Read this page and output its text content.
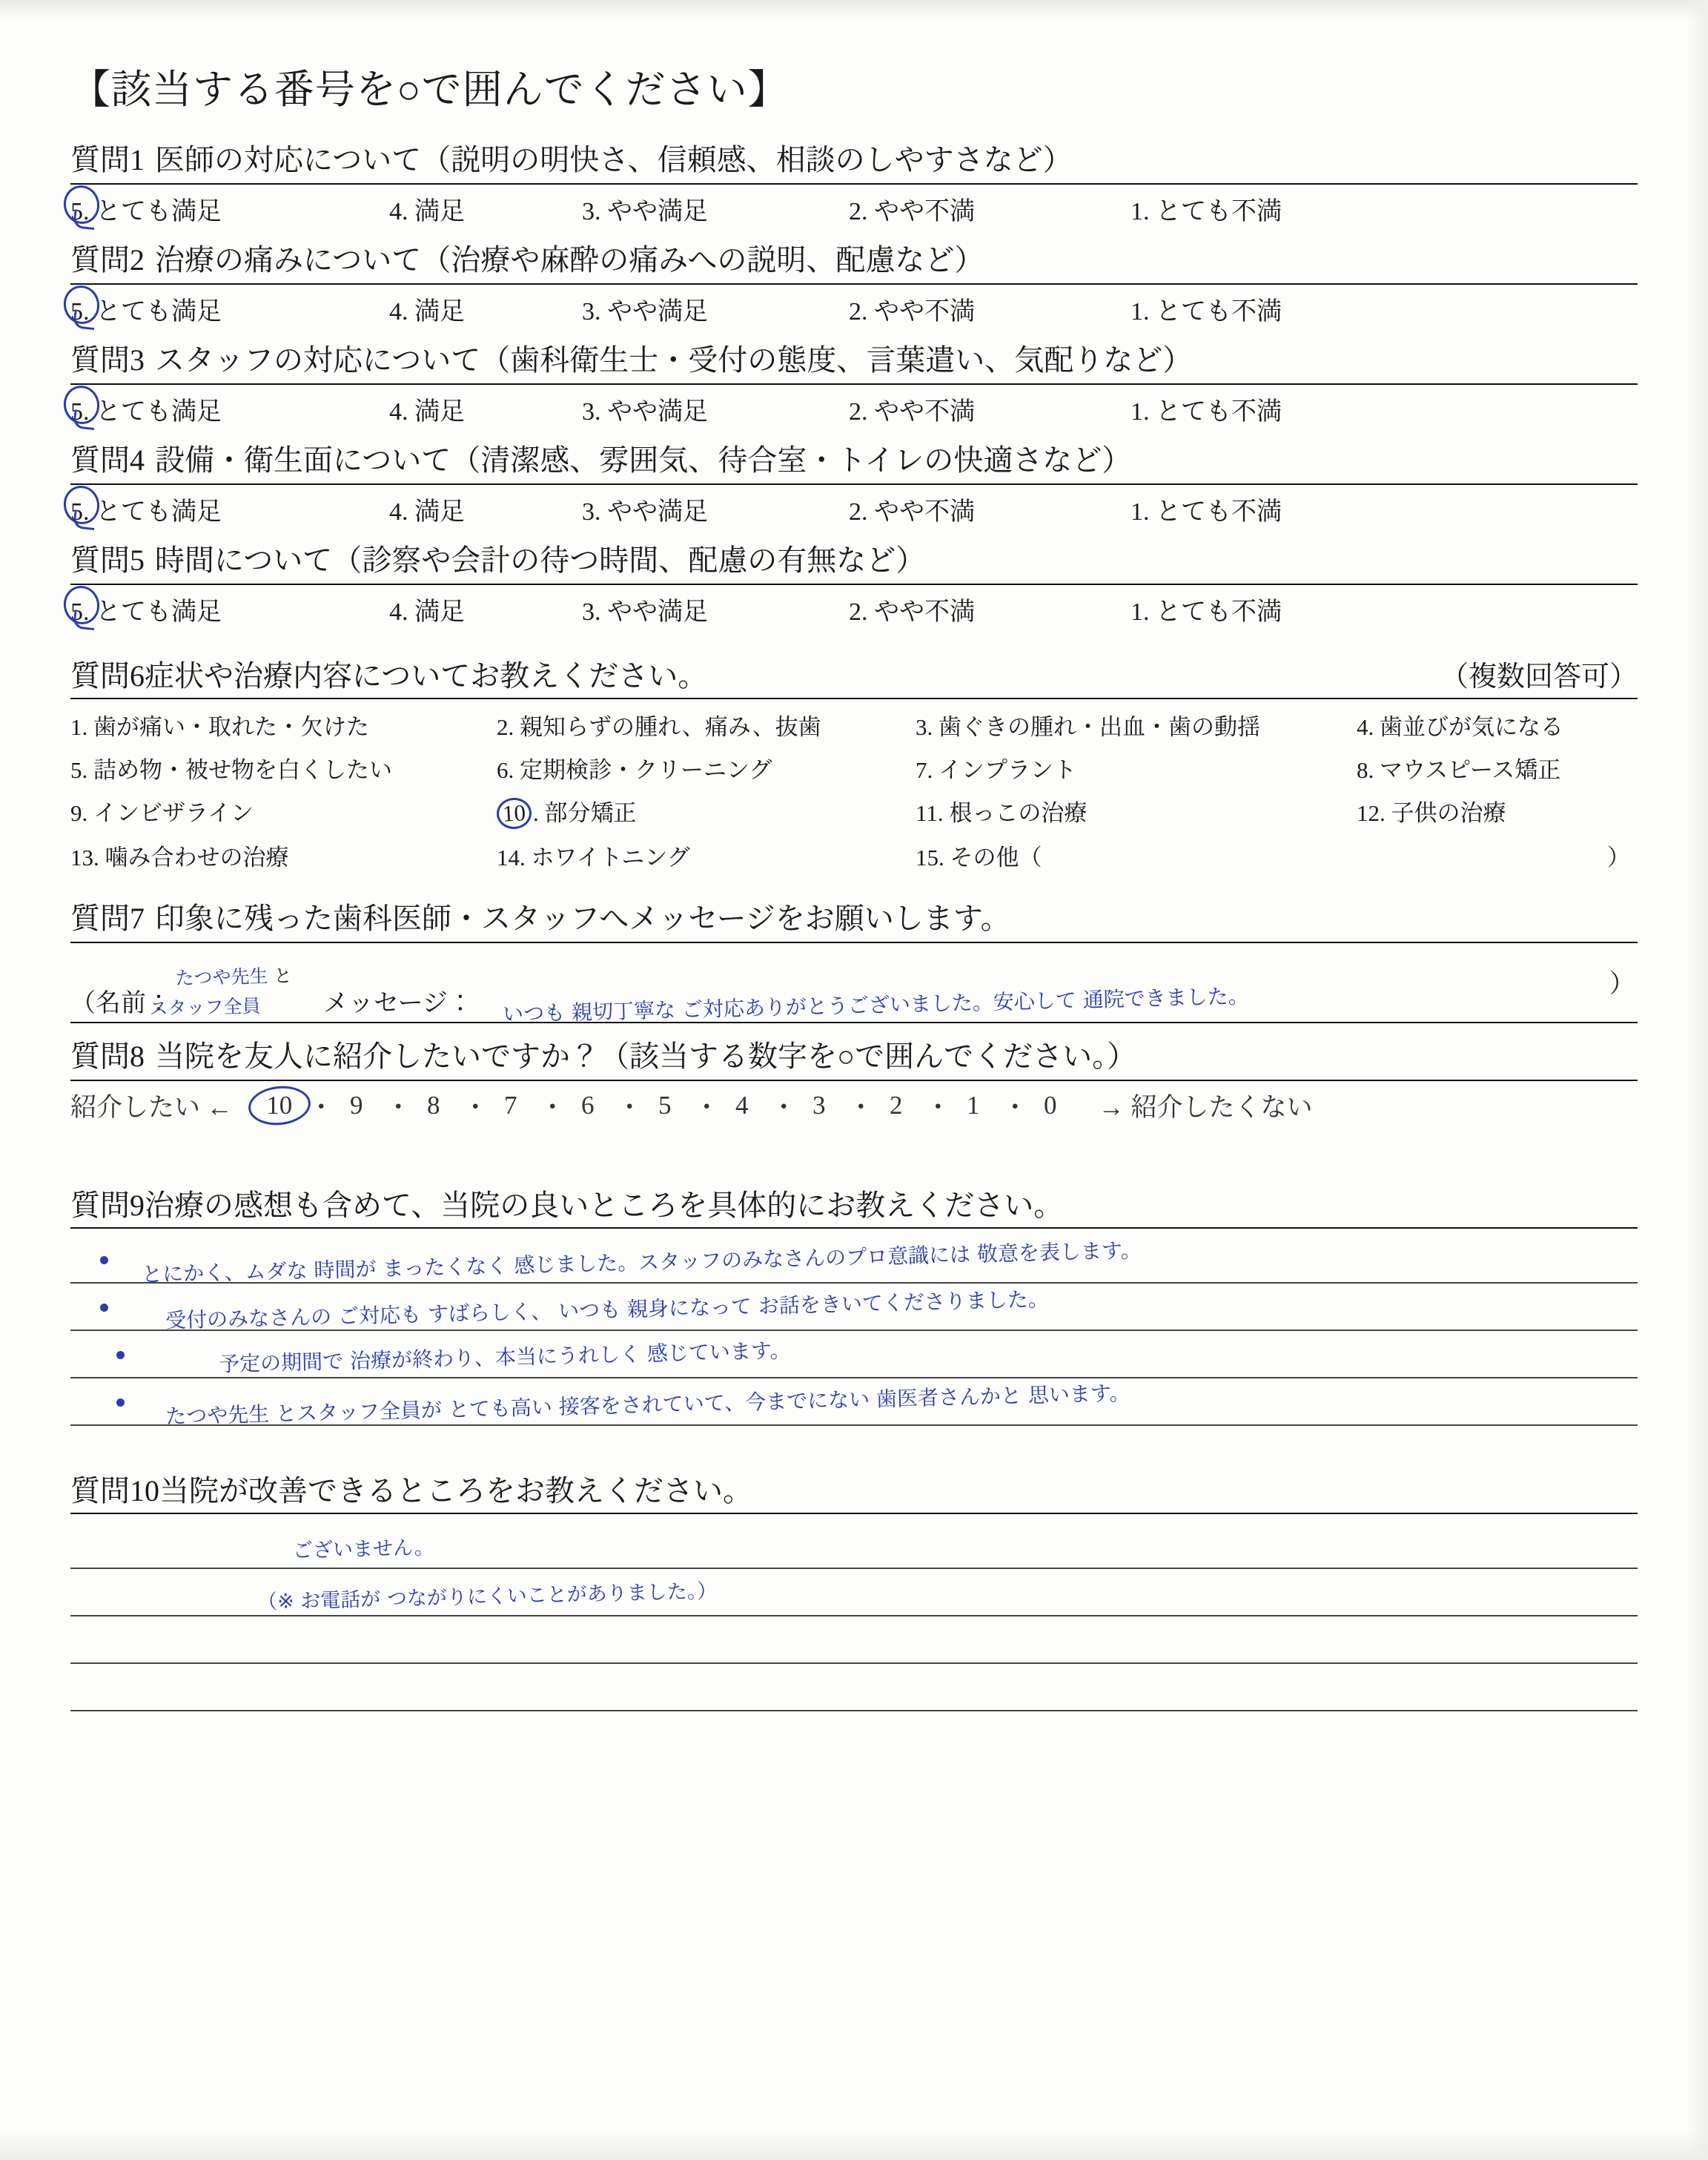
【該当する番号を○で囲んでください】
質問1 医師の対応について（説明の明快さ、信頼感、相談のしやすさなど）
5. とても満足	4. 満足	3. やや満足	2. やや不満	1. とても不満
質問2 治療の痛みについて（治療や麻酔の痛みへの説明、配慮など）
5. とても満足	4. 満足	3. やや満足	2. やや不満	1. とても不満
質問3 スタッフの対応について（歯科衛生士・受付の態度、言葉遣い、気配りなど）
5. とても満足	4. 満足	3. やや満足	2. やや不満	1. とても不満
質問4 設備・衛生面について（清潔感、雰囲気、待合室・トイレの快適さなど）
5. とても満足	4. 満足	3. やや満足	2. やや不満	1. とても不満
質問5 時間について（診察や会計の待つ時間、配慮の有無など）
5. とても満足	4. 満足	3. やや満足	2. やや不満	1. とても不満
質問6症状や治療内容についてお教えください。	（複数回答可）
1. 歯が痛い・取れた・欠けた	2. 親知らずの腫れ、痛み、抜歯	3. 歯ぐきの腫れ・出血・歯の動揺	4. 歯並びが気になる
5. 詰め物・被せ物を白くしたい	6. 定期検診・クリーニング	7. インプラント	8. マウスピース矯正
9. インビザライン	10 . 部分矯正	11. 根っこの治療	12. 子供の治療
13. 噛み合わせの治療	14. ホワイトニング	15. その他（	）
質問7 印象に残った歯科医師・スタッフへメッセージをお願いします。
（名前：
たつや先生 と
スタッフ全員	メッセージ： いつも 親切丁寧な ご対応ありがとうございました。安心して 通院できました。	）
質問8 当院を友人に紹介したいですか？（該当する数字を○で囲んでください。）
紹介したい ←	10 ・ 9 ・ 8 ・ 7 ・ 6 ・ 5 ・ 4 ・ 3 ・ 2 ・ 1 ・ 0	→ 紹介したくない
質問9治療の感想も含めて、当院の良いところを具体的にお教えください。
とにかく、ムダな 時間が まったくなく 感じました。スタッフのみなさんのプロ意識には 敬意を表します。
受付のみなさんの ご対応も すばらしく、 いつも 親身になって お話をきいてくださりました。
予定の期間で 治療が終わり、本当にうれしく 感じています。
たつや先生 とスタッフ全員が とても高い 接客をされていて、今までにない 歯医者さんかと 思います。
質問10当院が改善できるところをお教えください。
ございません。
（※ お電話が つながりにくいことがありました。）
